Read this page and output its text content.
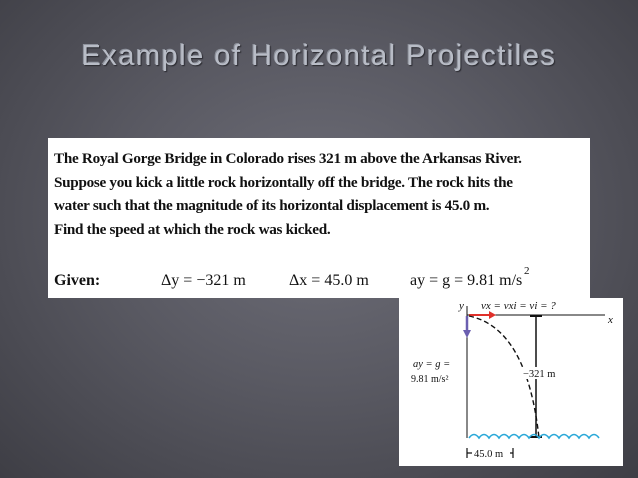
Example of Horizontal Projectiles
The Royal Gorge Bridge in Colorado rises 321 m above the Arkansas River.
Suppose you kick a little rock horizontally off the bridge. The rock hits the
water such that the magnitude of its horizontal displacement is 45.0 m.
Find the speed at which the rock was kicked.
Given:	Δy = −321 m	Δx = 45.0 m	ay = g = 9.81 m/s
2
y
x
vx = vxi = vi = ?
−321 m
ay = g =
9.81 m/s²
45.0 m
